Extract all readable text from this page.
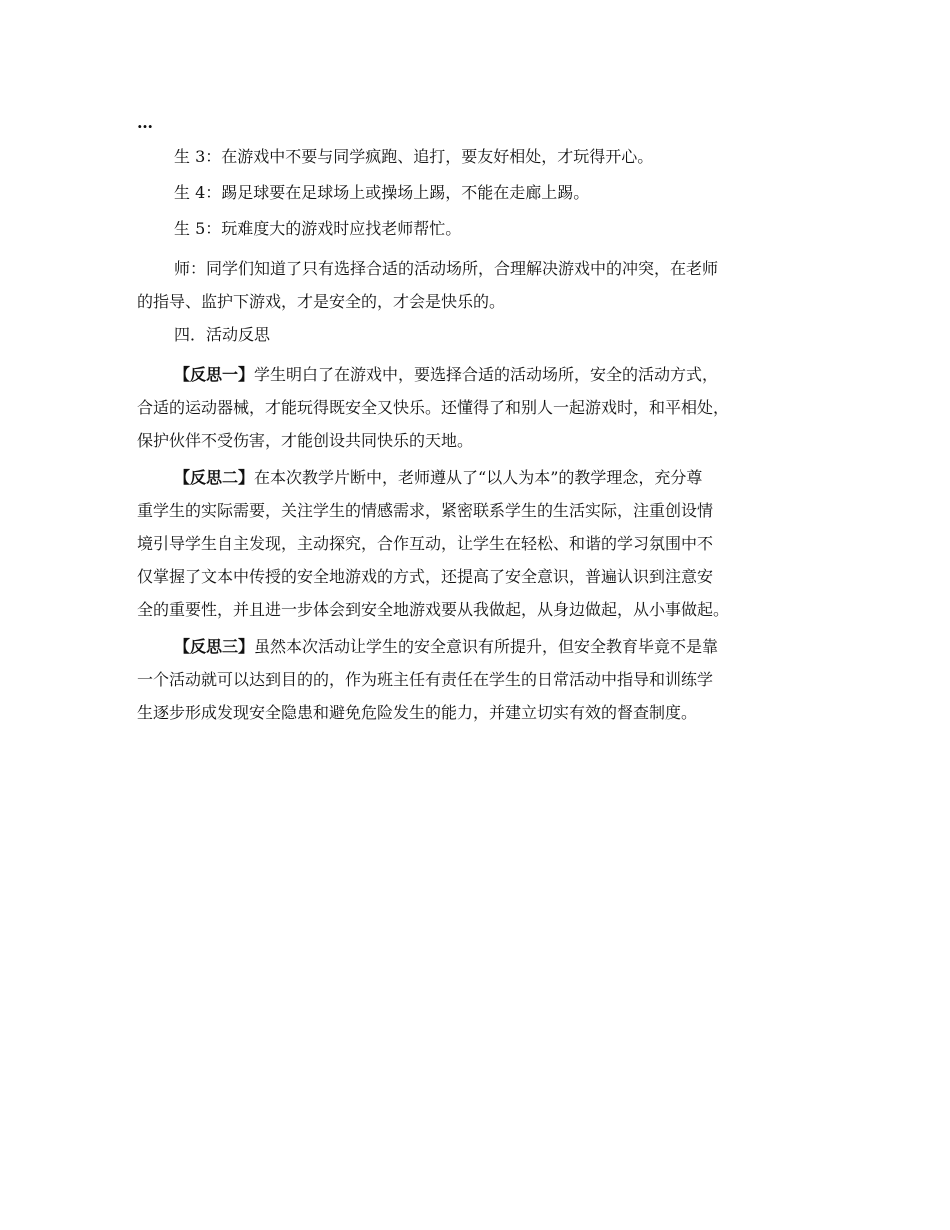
…
生 3：在游戏中不要与同学疯跑、追打，要友好相处，才玩得开心。
生 4：踢足球要在足球场上或操场上踢，不能在走廊上踢。
生 5：玩难度大的游戏时应找老师帮忙。
师：同学们知道了只有选择合适的活动场所，合理解决游戏中的冲突，在老师
的指导、监护下游戏，才是安全的，才会是快乐的。
四．活动反思
【反思一】学生明白了在游戏中，要选择合适的活动场所，安全的活动方式，
合适的运动器械，才能玩得既安全又快乐。还懂得了和别人一起游戏时，和平相处，
保护伙伴不受伤害，才能创设共同快乐的天地。
【反思二】在本次教学片断中，老师遵从了“以人为本”的教学理念，充分尊
重学生的实际需要，关注学生的情感需求，紧密联系学生的生活实际，注重创设情
境引导学生自主发现，主动探究，合作互动，让学生在轻松、和谐的学习氛围中不
仅掌握了文本中传授的安全地游戏的方式，还提高了安全意识，普遍认识到注意安
全的重要性，并且进一步体会到安全地游戏要从我做起，从身边做起，从小事做起。
【反思三】虽然本次活动让学生的安全意识有所提升，但安全教育毕竟不是靠
一个活动就可以达到目的的，作为班主任有责任在学生的日常活动中指导和训练学
生逐步形成发现安全隐患和避免危险发生的能力，并建立切实有效的督查制度。
